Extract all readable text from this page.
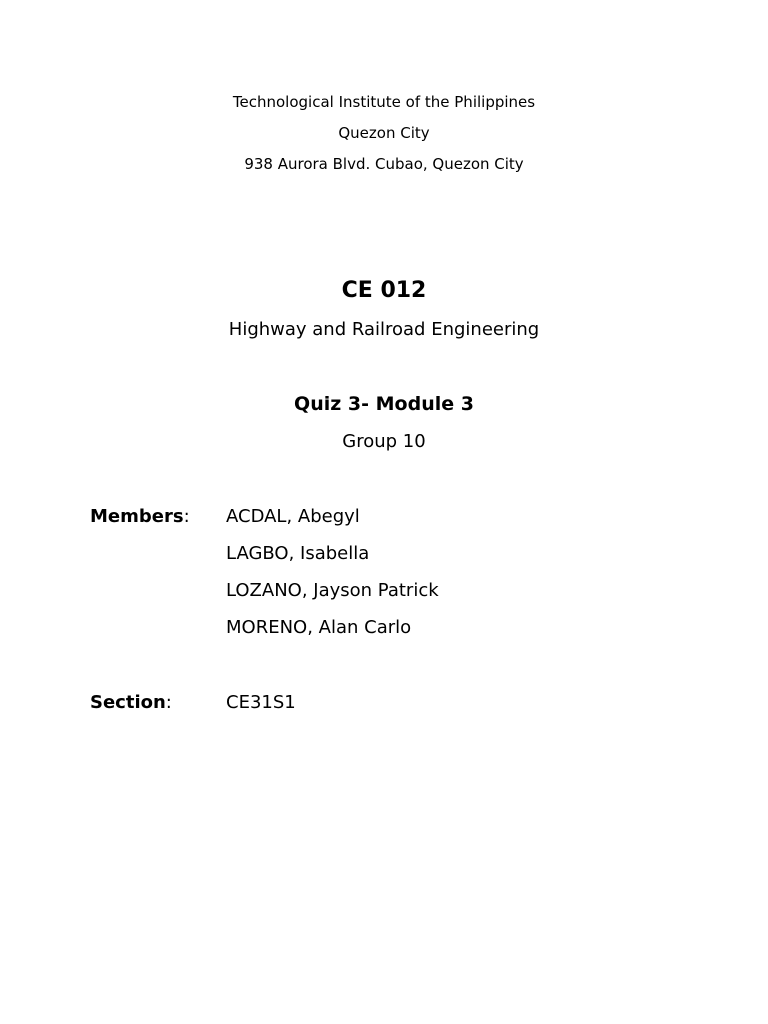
Technological Institute of the Philippines
Quezon City
938 Aurora Blvd. Cubao, Quezon City
CE 012
Highway and Railroad Engineering
Quiz 3- Module 3
Group 10
Members: ACDAL, Abegyl
LAGBO, Isabella
LOZANO, Jayson Patrick
MORENO, Alan Carlo
Section:	CE31S1
